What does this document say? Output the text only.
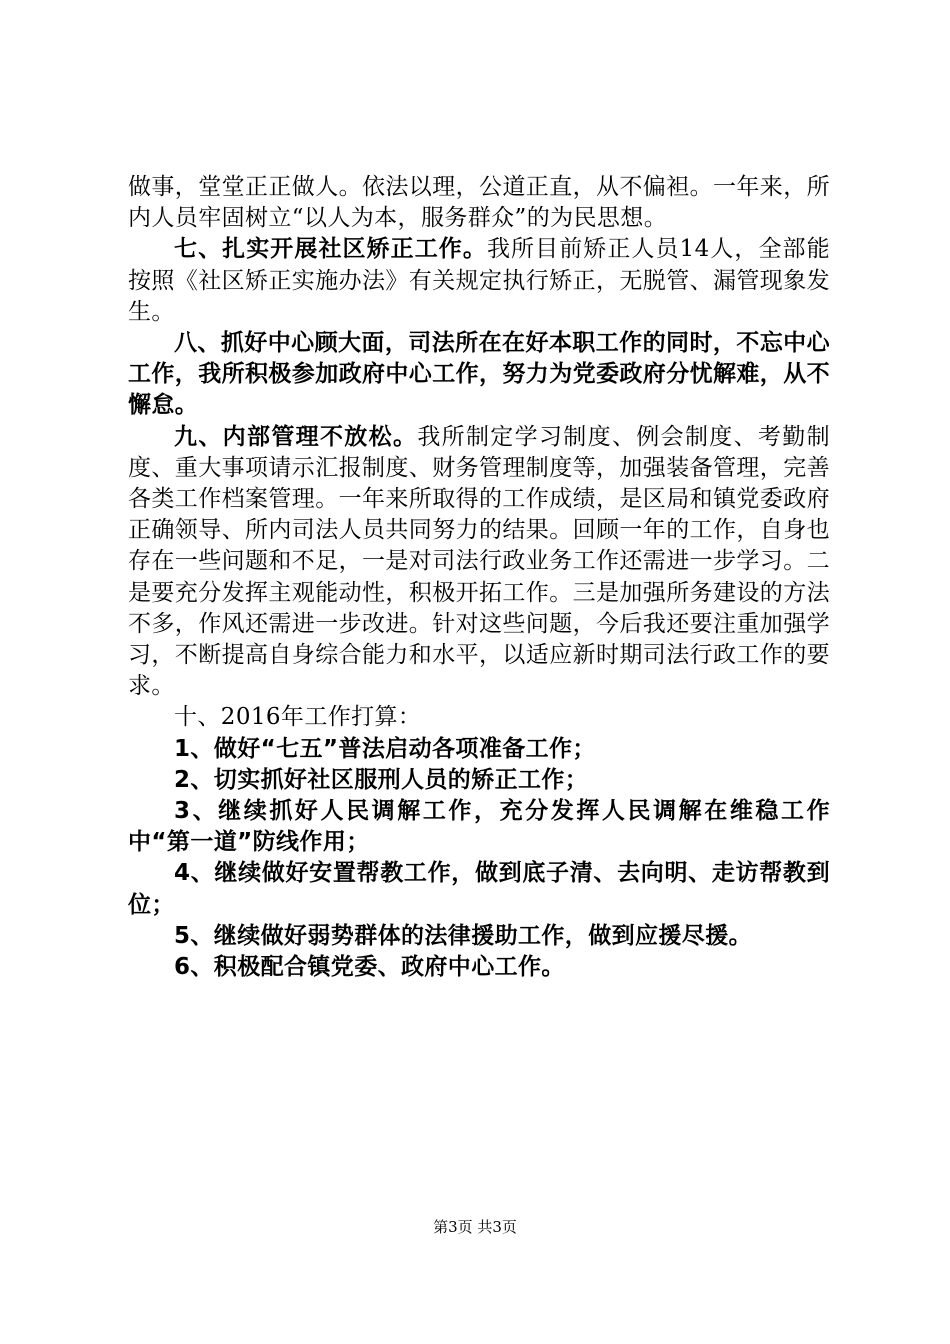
做事，堂堂正正做人。依法以理，公道正直，从不偏袒。一年来，所内人员牢固树立“以人为本，服务群众”的为民思想。

七、扎实开展社区矫正工作。我所目前矫正人员14人，全部能按照《社区矫正实施办法》有关规定执行矫正，无脱管、漏管现象发生。

八、抓好中心顾大面，司法所在在好本职工作的同时，不忘中心工作，我所积极参加政府中心工作，努力为党委政府分忧解难，从不懈怠。

九、内部管理不放松。我所制定学习制度、例会制度、考勤制度、重大事项请示汇报制度、财务管理制度等，加强装备管理，完善各类工作档案管理。一年来所取得的工作成绩，是区局和镇党委政府正确领导、所内司法人员共同努力的结果。回顾一年的工作，自身也存在一些问题和不足，一是对司法行政业务工作还需进一步学习。二是要充分发挥主观能动性，积极开拓工作。三是加强所务建设的方法不多，作风还需进一步改进。针对这些问题，今后我还要注重加强学习，不断提高自身综合能力和水平，以适应新时期司法行政工作的要求。

十、2016年工作打算：

1、做好“七五”普法启动各项准备工作；

2、切实抓好社区服刑人员的矫正工作；

3、继续抓好人民调解工作，充分发挥人民调解在维稳工作中“第一道”防线作用；

4、继续做好安置帮教工作，做到底子清、去向明、走访帮教到位；

5、继续做好弱势群体的法律援助工作，做到应援尽援。

6、积极配合镇党委、政府中心工作。

第3页 共3页
